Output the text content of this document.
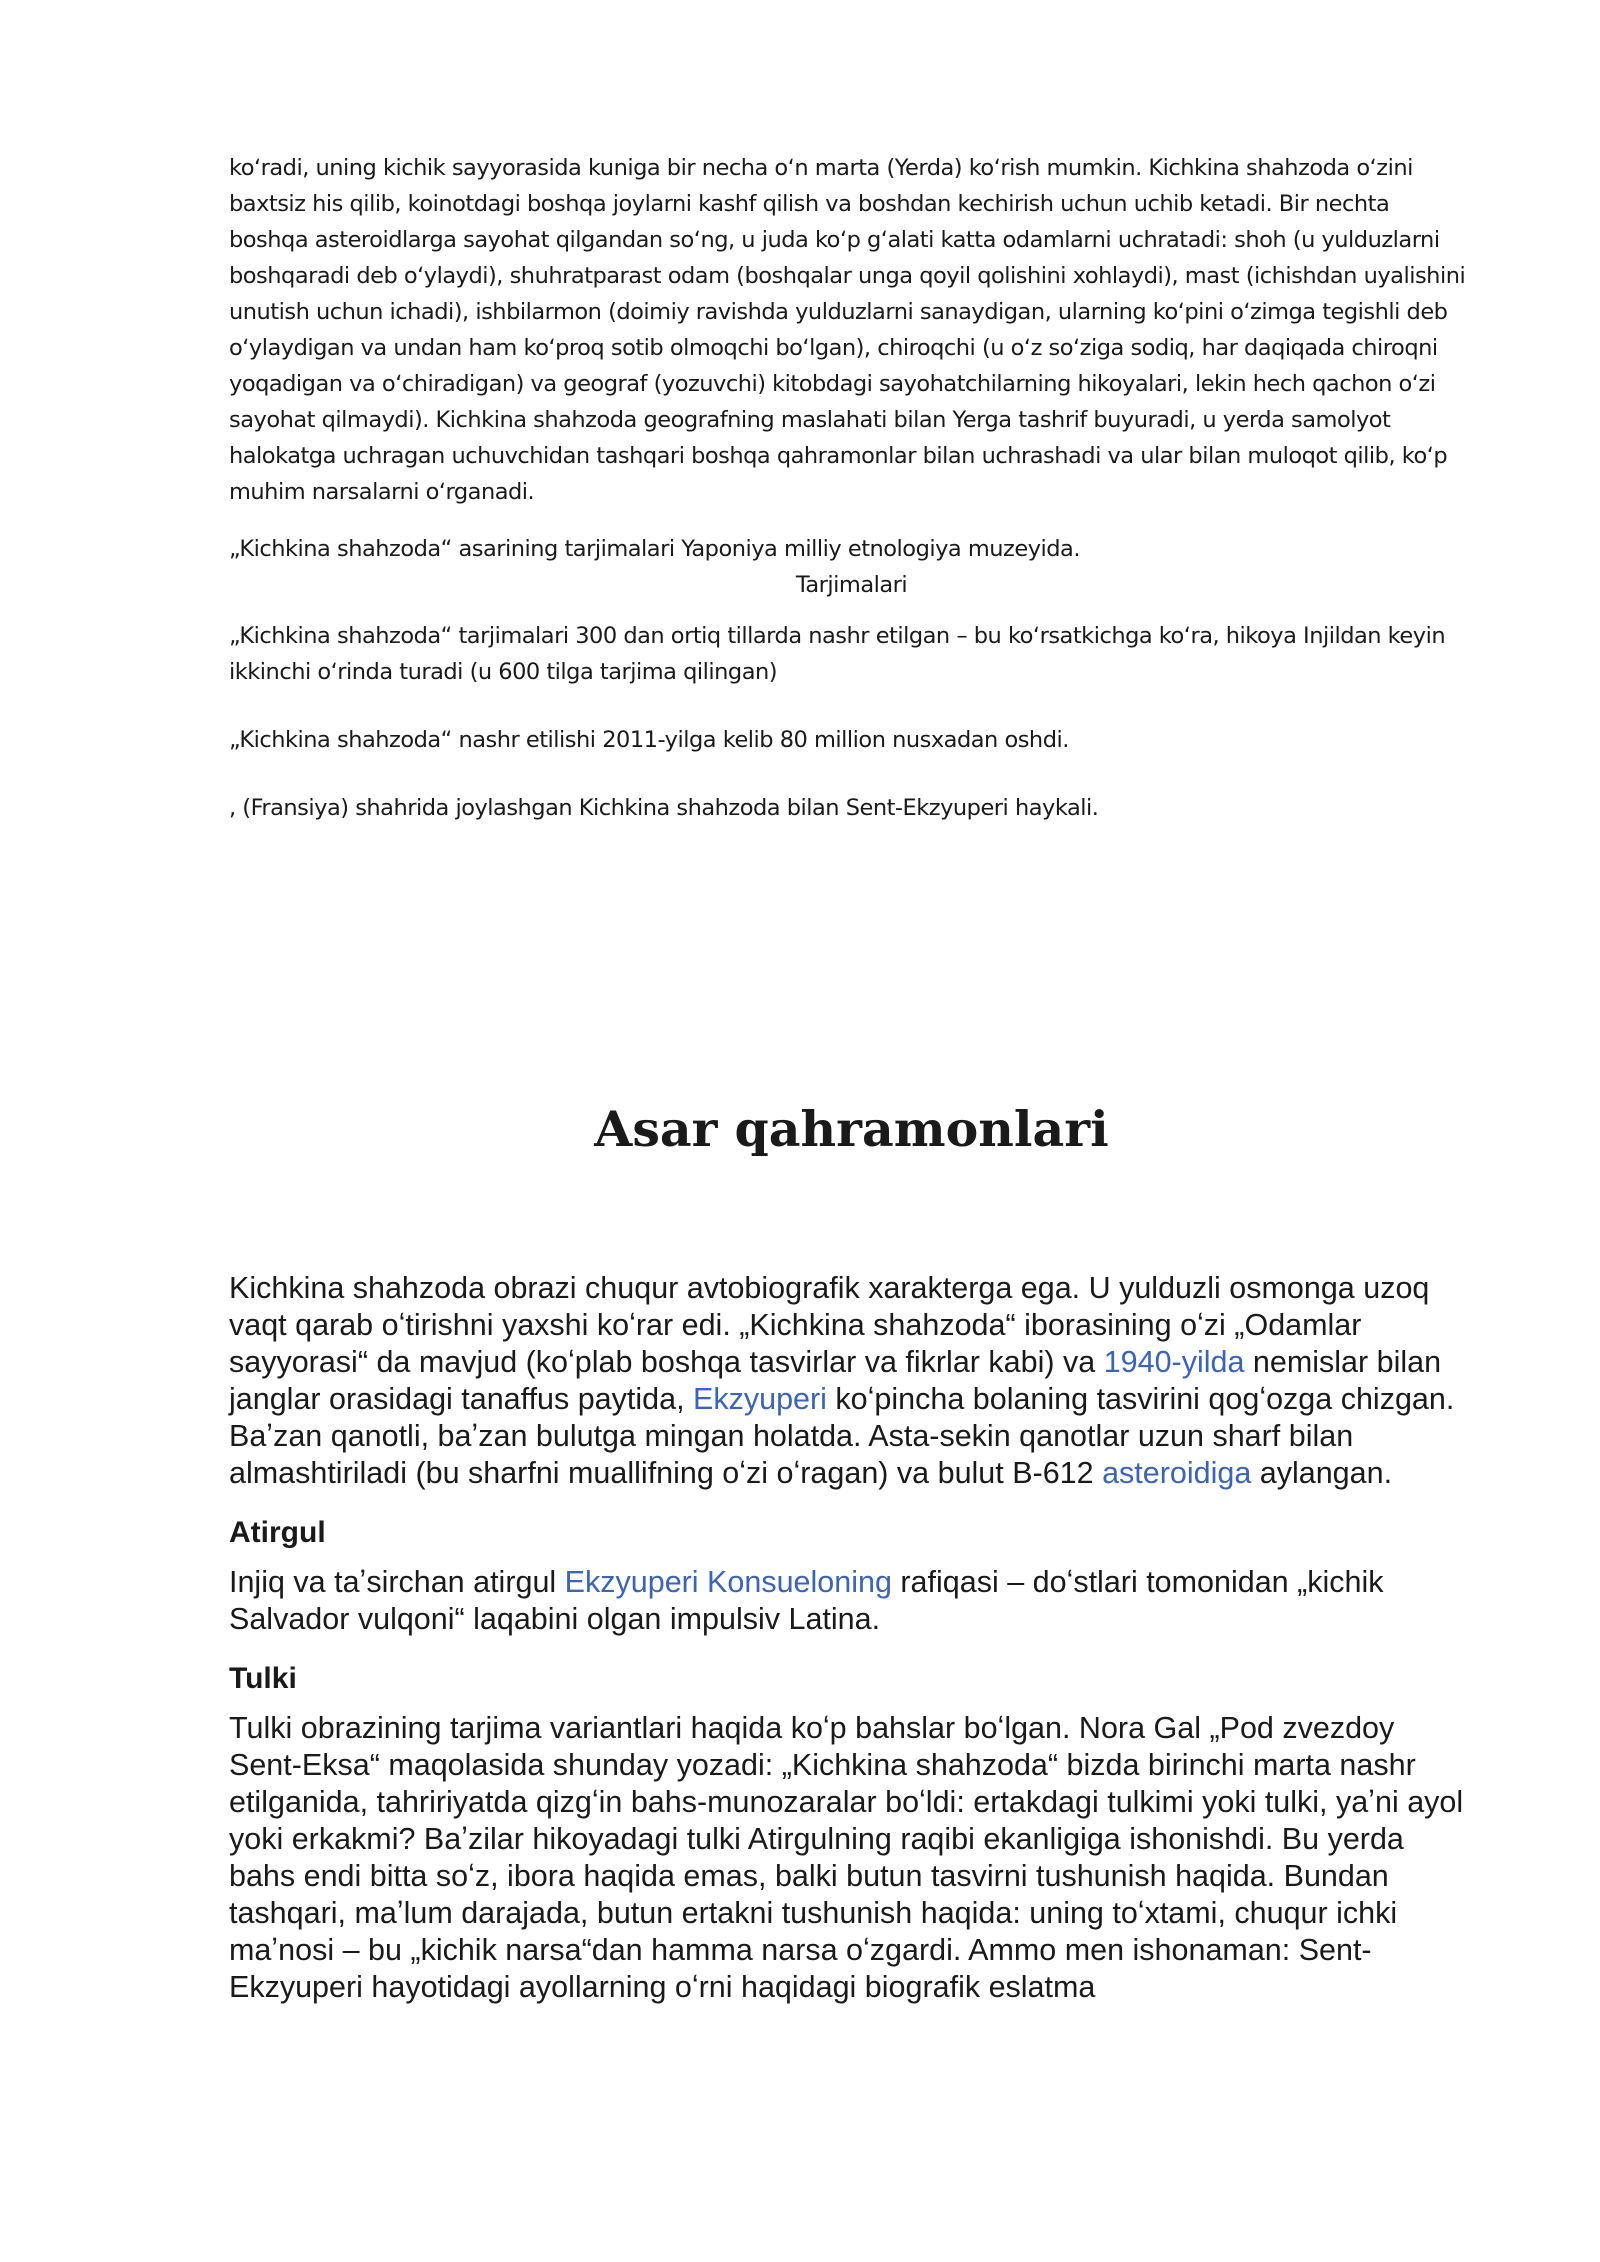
koʻradi, uning kichik sayyorasida kuniga bir necha oʻn marta (Yerda) koʻrish mumkin. Kichkina shahzoda oʻzini baxtsiz his qilib, koinotdagi boshqa joylarni kashf qilish va boshdan kechirish uchun uchib ketadi. Bir nechta boshqa asteroidlarga sayohat qilgandan soʻng, u juda koʻp gʻalati katta odamlarni uchratadi: shoh (u yulduzlarni boshqaradi deb oʻylaydi), shuhratparast odam (boshqalar unga qoyil qolishini xohlaydi), mast (ichishdan uyalishini unutish uchun ichadi), ishbilarmon (doimiy ravishda yulduzlarni sanaydigan, ularning koʻpini oʻzimga tegishli deb oʻylaydigan va undan ham koʻproq sotib olmoqchi boʻlgan), chiroqchi (u oʻz soʻziga sodiq, har daqiqada chiroqni yoqadigan va oʻchiradigan) va geograf (yozuvchi) kitobdagi sayohatchilarning hikoyalari, lekin hech qachon oʻzi sayohat qilmaydi). Kichkina shahzoda geografning maslahati bilan Yerga tashrif buyuradi, u yerda samolyot halokatga uchragan uchuvchidan tashqari boshqa qahramonlar bilan uchrashadi va ular bilan muloqot qilib, koʻp muhim narsalarni oʻrganadi.

„Kichkina shahzoda“ asarining tarjimalari Yaponiya milliy etnologiya muzeyida.

Tarjimalari

„Kichkina shahzoda“ tarjimalari 300 dan ortiq tillarda nashr etilgan – bu koʻrsatkichga koʻra, hikoya Injildan keyin ikkinchi oʻrinda turadi (u 600 tilga tarjima qilingan)

„Kichkina shahzoda“ nashr etilishi 2011-yilga kelib 80 million nusxadan oshdi.

, (Fransiya) shahrida joylashgan Kichkina shahzoda bilan Sent-Ekzyuperi haykali.

Asar qahramonlari

Kichkina shahzoda obrazi chuqur avtobiografik xarakterga ega. U yulduzli osmonga uzoq vaqt qarab oʻtirishni yaxshi koʻrar edi. „Kichkina shahzoda“ iborasining oʻzi „Odamlar sayyorasi“ da mavjud (koʻplab boshqa tasvirlar va fikrlar kabi) va 1940-yilda nemislar bilan janglar orasidagi tanaffus paytida, Ekzyuperi koʻpincha bolaning tasvirini qogʻozga chizgan. Baʼzan qanotli, baʼzan bulutga mingan holatda. Asta-sekin qanotlar uzun sharf bilan almashtiriladi (bu sharfni muallifning oʻzi oʻragan) va bulut B-612 asteroidiga aylangan.

Atirgul

Injiq va taʼsirchan atirgul Ekzyuperi Konsueloning rafiqasi – doʻstlari tomonidan „kichik Salvador vulqoni“ laqabini olgan impulsiv Latina.

Tulki

Tulki obrazining tarjima variantlari haqida koʻp bahslar boʻlgan. Nora Gal „Pod zvezdoy Sent-Eksa“ maqolasida shunday yozadi: „Kichkina shahzoda“ bizda birinchi marta nashr etilganida, tahririyatda qizgʻin bahs-munozaralar boʻldi: ertakdagi tulkimi yoki tulki, yaʼni ayol yoki erkakmi? Baʼzilar hikoyadagi tulki Atirgulning raqibi ekanligiga ishonishdi. Bu yerda bahs endi bitta soʻz, ibora haqida emas, balki butun tasvirni tushunish haqida. Bundan tashqari, maʼlum darajada, butun ertakni tushunish haqida: uning toʻxtami, chuqur ichki maʼnosi – bu „kichik narsa“dan hamma narsa oʻzgardi. Ammo men ishonaman: Sent-Ekzyuperi hayotidagi ayollarning oʻrni haqidagi biografik eslatma
